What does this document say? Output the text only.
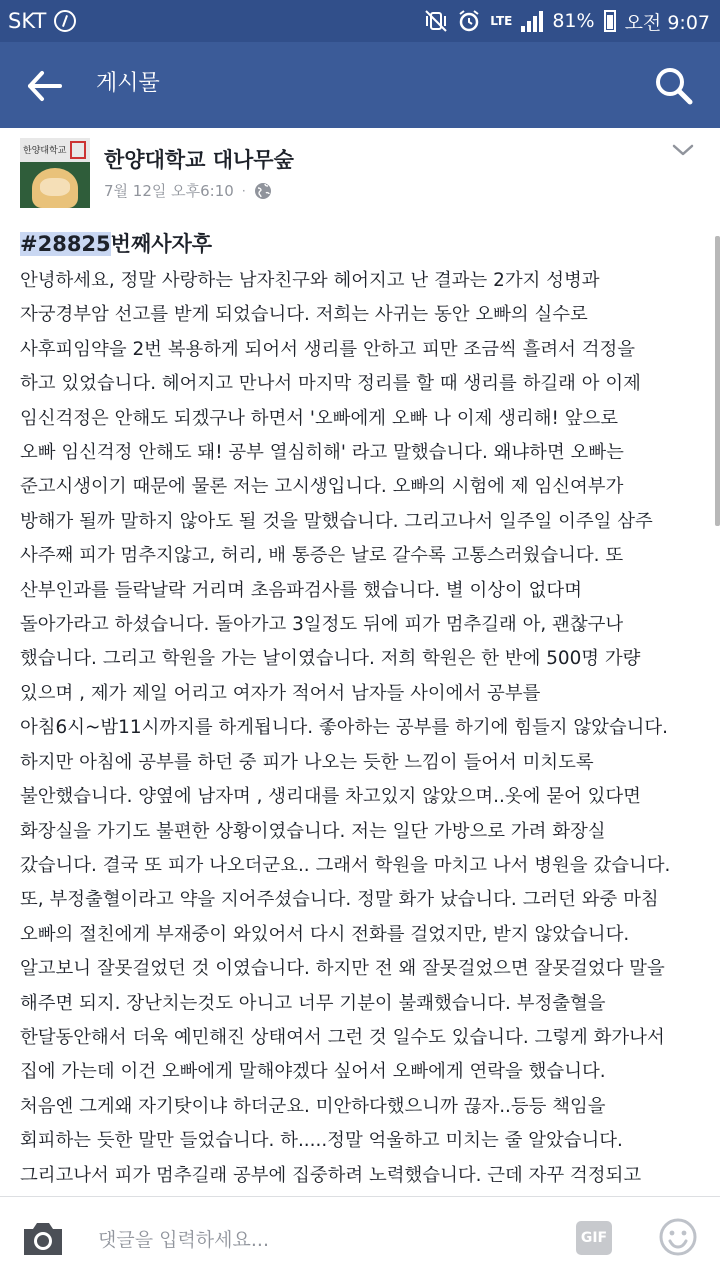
SKT	LTE 81% 오전 9:07
게시물
한양대학교 한양대학교 대나무숲
7월 12일 오후6:10 ·
#28825번째사자후
안녕하세요, 정말 사랑하는 남자친구와 헤어지고 난 결과는 2가지 성병과
자궁경부암 선고를 받게 되었습니다. 저희는 사귀는 동안 오빠의 실수로
사후피임약을 2번 복용하게 되어서 생리를 안하고 피만 조금씩 흘려서 걱정을
하고 있었습니다. 헤어지고 만나서 마지막 정리를 할 때 생리를 하길래 아 이제
임신걱정은 안해도 되겠구나 하면서 '오빠에게 오빠 나 이제 생리해! 앞으로
오빠 임신걱정 안해도 돼! 공부 열심히해' 라고 말했습니다. 왜냐하면 오빠는
준고시생이기 때문에 물론 저는 고시생입니다. 오빠의 시험에 제 임신여부가
방해가 될까 말하지 않아도 될 것을 말했습니다. 그리고나서 일주일 이주일 삼주
사주째 피가 멈추지않고, 허리, 배 통증은 날로 갈수록 고통스러웠습니다. 또
산부인과를 들락날락 거리며 초음파검사를 했습니다. 별 이상이 없다며
돌아가라고 하셨습니다. 돌아가고 3일정도 뒤에 피가 멈추길래 아, 괜찮구나
했습니다. 그리고 학원을 가는 날이였습니다. 저희 학원은 한 반에 500명 가량
있으며 , 제가 제일 어리고 여자가 적어서 남자들 사이에서 공부를
아침6시~밤11시까지를 하게됩니다. 좋아하는 공부를 하기에 힘들지 않았습니다.
하지만 아침에 공부를 하던 중 피가 나오는 듯한 느낌이 들어서 미치도록
불안했습니다. 양옆에 남자며 , 생리대를 차고있지 않았으며..옷에 묻어 있다면
화장실을 가기도 불편한 상황이였습니다. 저는 일단 가방으로 가려 화장실
갔습니다. 결국 또 피가 나오더군요.. 그래서 학원을 마치고 나서 병원을 갔습니다.
또, 부정출혈이라고 약을 지어주셨습니다. 정말 화가 났습니다. 그러던 와중 마침
오빠의 절친에게 부재중이 와있어서 다시 전화를 걸었지만, 받지 않았습니다.
알고보니 잘못걸었던 것 이였습니다. 하지만 전 왜 잘못걸었으면 잘못걸었다 말을
해주면 되지. 장난치는것도 아니고 너무 기분이 불쾌했습니다. 부정출혈을
한달동안해서 더욱 예민해진 상태여서 그런 것 일수도 있습니다. 그렇게 화가나서
집에 가는데 이건 오빠에게 말해야겠다 싶어서 오빠에게 연락을 했습니다.
처음엔 그게왜 자기탓이냐 하더군요. 미안하다했으니까 끊자..등등 책임을
회피하는 듯한 말만 들었습니다. 하.....정말 억울하고 미치는 줄 알았습니다.
그리고나서 피가 멈추길래 공부에 집중하려 노력했습니다. 근데 자꾸 걱정되고
댓글을 입력하세요...
GIF
